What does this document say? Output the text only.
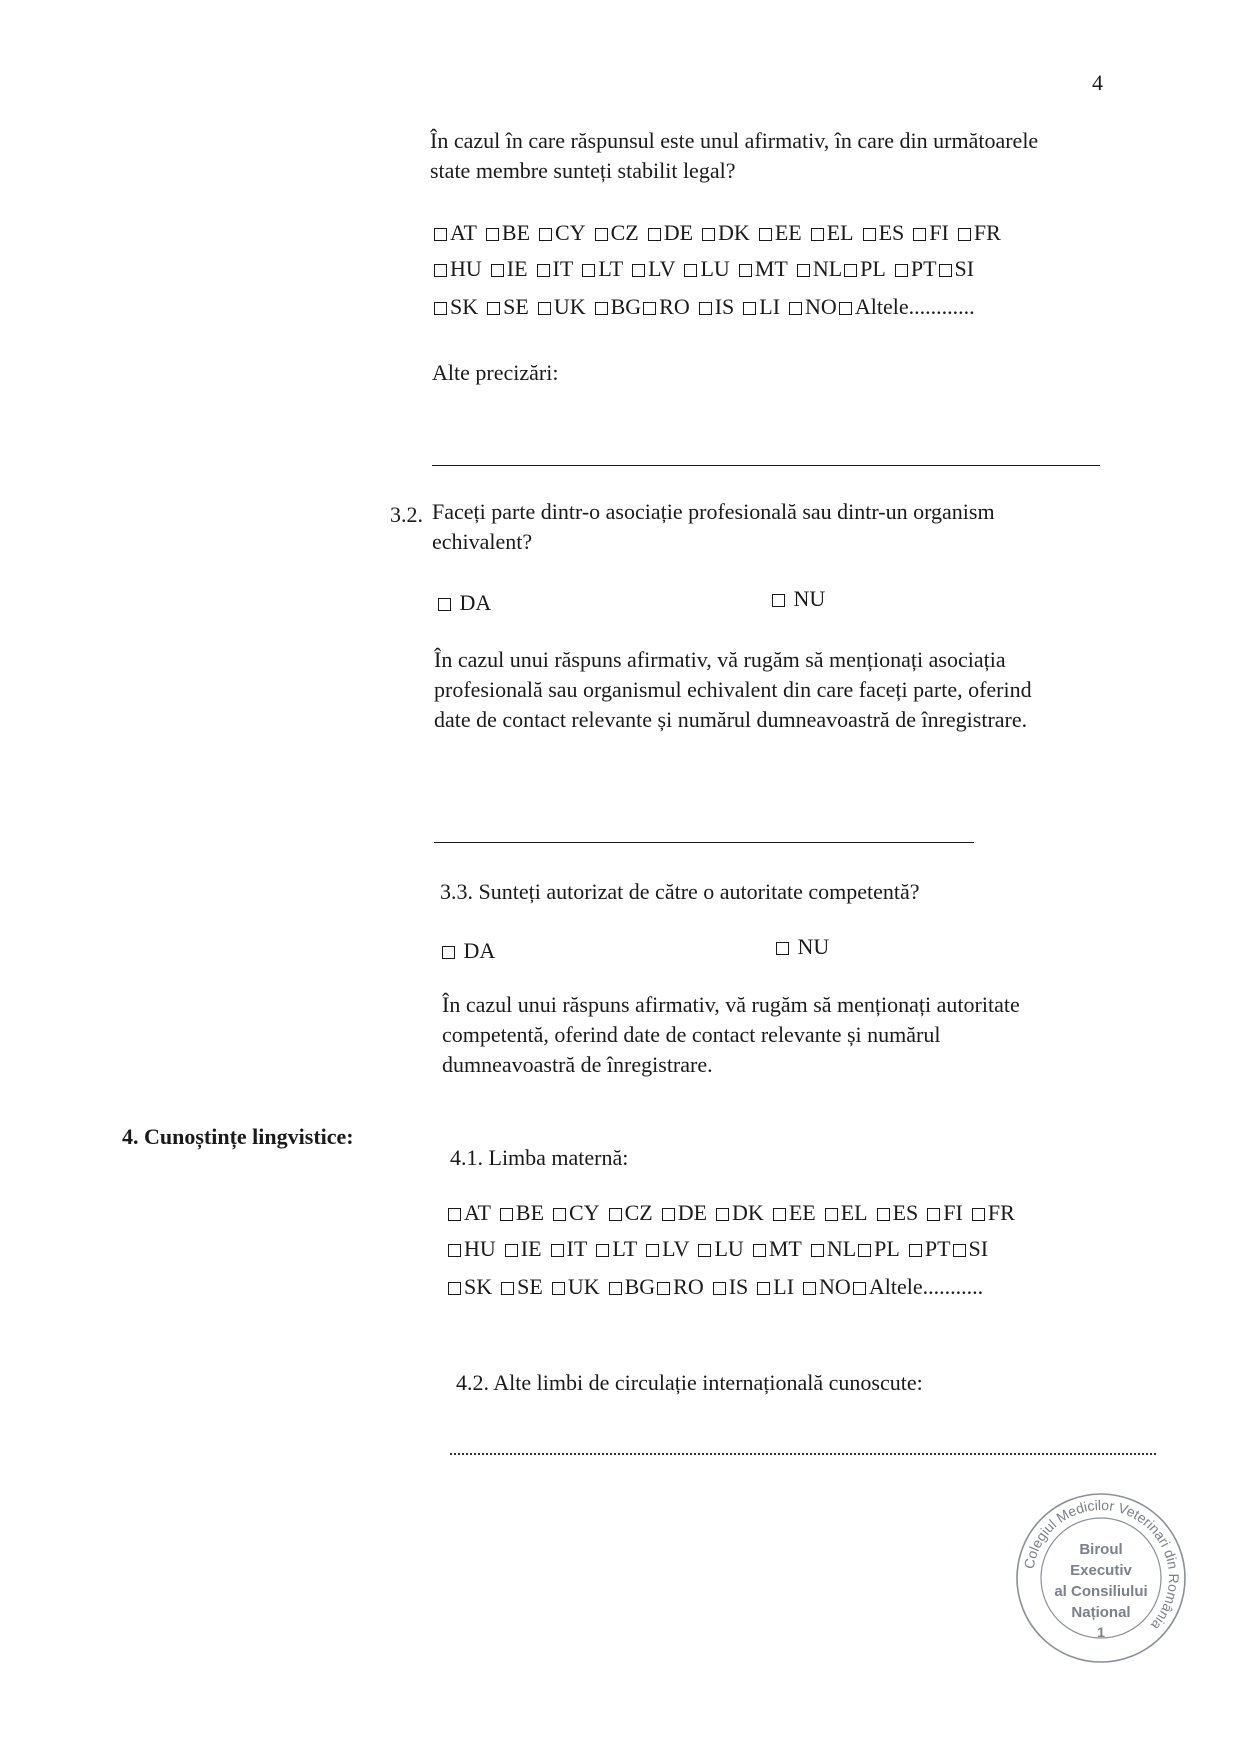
4
În cazul în care răspunsul este unul afirmativ, în care din următoarele
state membre sunteți stabilit legal?
AT BE CY CZ DE DK EE EL ES FI FR
HU IE IT LT LV LU MT NL PL PT SI
SK SE UK BG RO IS LI NO Altele............
Alte precizări:
3.2. Faceți parte dintr-o asociație profesională sau dintr-un organism
echivalent?
DA	NU
În cazul unui răspuns afirmativ, vă rugăm să menționați asociația
profesională sau organismul echivalent din care faceți parte, oferind
date de contact relevante și numărul dumneavoastră de înregistrare.
3.3. Sunteți autorizat de către o autoritate competentă?
DA	NU
În cazul unui răspuns afirmativ, vă rugăm să menționați autoritate
competentă, oferind date de contact relevante și numărul
dumneavoastră de înregistrare.
4. Cunoștințe lingvistice:
4.1. Limba maternă:
AT BE CY CZ DE DK EE EL ES FI FR
HU IE IT LT LV LU MT NL PL PT SI
SK SE UK BG RO IS LI NO Altele...........
4.2. Alte limbi de circulație internațională cunoscute:
Colegiul Medicilor Veterinari din România
Biroul
Executiv
al Consiliului
Național
1
